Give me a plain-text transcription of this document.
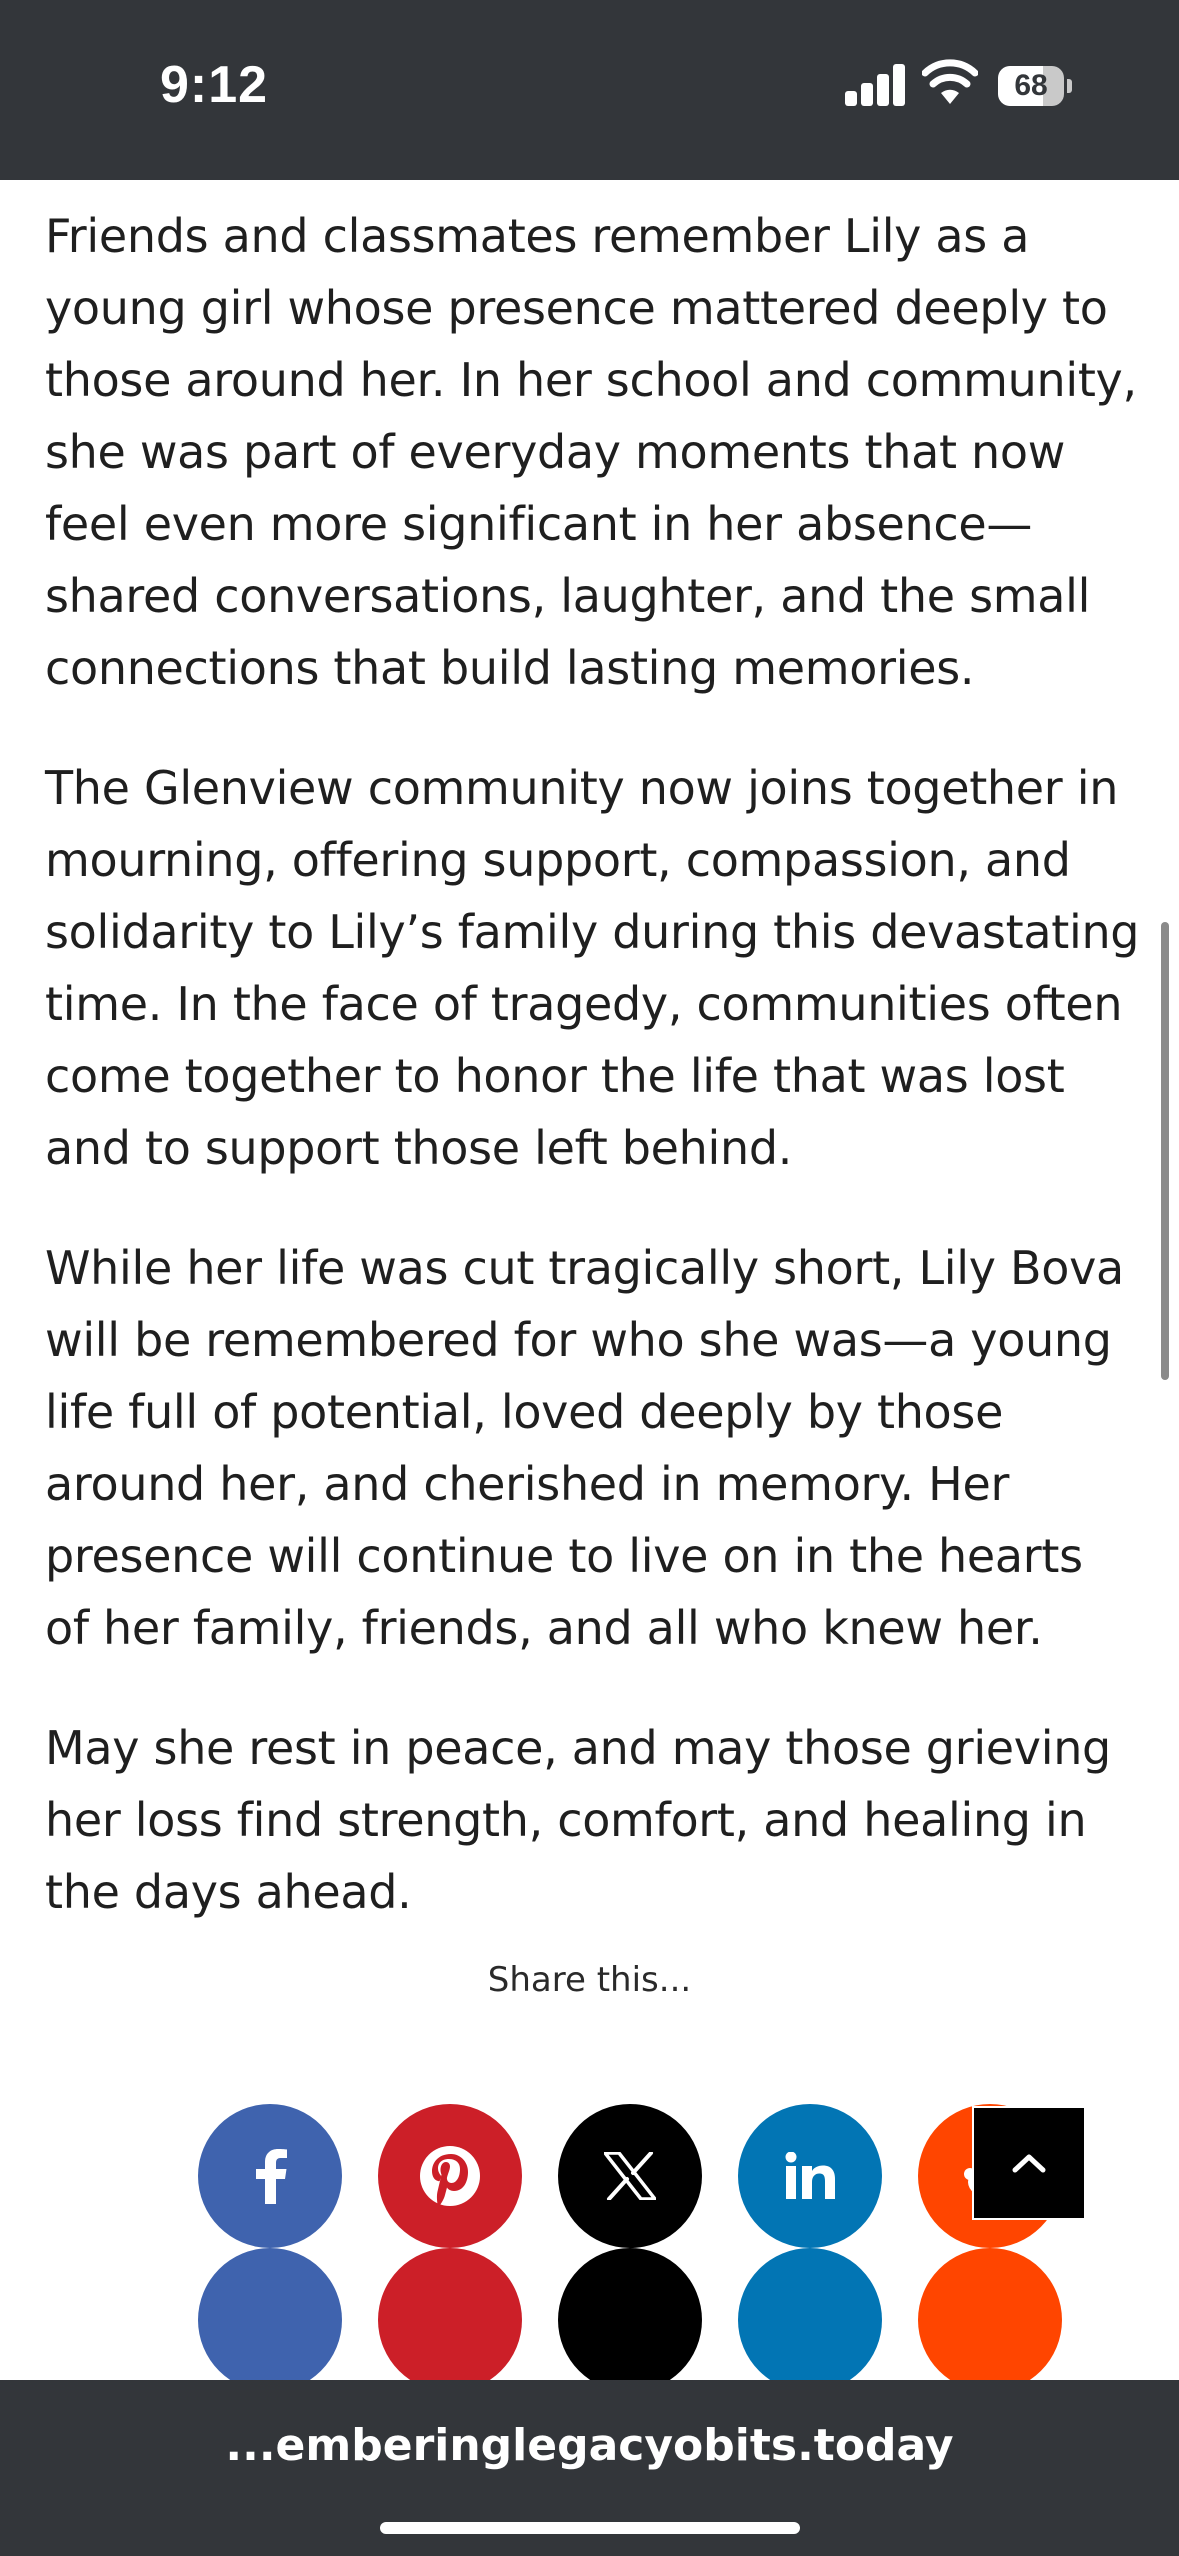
9:12	68

Friends and classmates remember Lily as a young girl whose presence mattered deeply to those around her. In her school and community, she was part of everyday moments that now feel even more significant in her absence—shared conversations, laughter, and the small connections that build lasting memories.

The Glenview community now joins together in mourning, offering support, compassion, and solidarity to Lily’s family during this devastating time. In the face of tragedy, communities often come together to honor the life that was lost and to support those left behind.

While her life was cut tragically short, Lily Bova will be remembered for who she was—a young life full of potential, loved deeply by those around her, and cherished in memory. Her presence will continue to live on in the hearts of her family, friends, and all who knew her.

May she rest in peace, and may those grieving her loss find strength, comfort, and healing in the days ahead.

Share this...
...emberinglegacyobits.today
